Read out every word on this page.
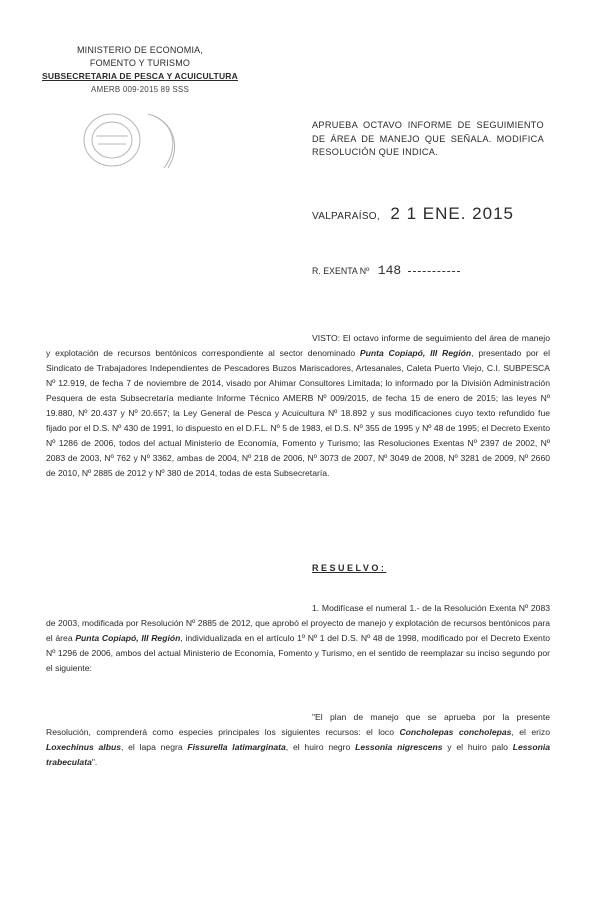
MINISTERIO DE ECONOMIA,
FOMENTO Y TURISMO
SUBSECRETARIA DE PESCA Y ACUICULTURA
AMERB 009-2015 89 SSS
APRUEBA OCTAVO INFORME DE SEGUIMIENTO DE ÁREA DE MANEJO QUE SEÑALA. MODIFICA RESOLUCIÓN QUE INDICA.
VALPARAÍSO, 2 1 ENE. 2015
R. EXENTA Nº 148
VISTO: El octavo informe de seguimiento del área de manejo y explotación de recursos bentónicos correspondiente al sector denominado Punta Copiapó, III Región, presentado por el Sindicato de Trabajadores Independientes de Pescadores Buzos Mariscadores, Artesanales, Caleta Puerto Viejo, C.I. SUBPESCA Nº 12.919, de fecha 7 de noviembre de 2014, visado por Ahimar Consultores Limitada; lo informado por la División Administración Pesquera de esta Subsecretaría mediante Informe Técnico AMERB Nº 009/2015, de fecha 15 de enero de 2015; las leyes Nº 19.880, Nº 20.437 y Nº 20.657; la Ley General de Pesca y Acuicultura Nº 18.892 y sus modificaciones cuyo texto refundido fue fijado por el D.S. Nº 430 de 1991, lo dispuesto en el D.F.L. Nº 5 de 1983, el D.S. Nº 355 de 1995 y Nº 48 de 1995; el Decreto Exento Nº 1286 de 2006, todos del actual Ministerio de Economía, Fomento y Turismo; las Resoluciones Exentas Nº 2397 de 2002, Nº 2083 de 2003, Nº 762 y Nº 3362, ambas de 2004, Nº 218 de 2006, Nº 3073 de 2007, Nº 3049 de 2008, Nº 3281 de 2009, Nº 2660 de 2010, Nº 2885 de 2012 y Nº 380 de 2014, todas de esta Subsecretaría.
RESUELVO:
1. Modifícase el numeral 1.- de la Resolución Exenta Nº 2083 de 2003, modificada por Resolución Nº 2885 de 2012, que aprobó el proyecto de manejo y explotación de recursos bentónicos para el área Punta Copiapó, III Región, individualizada en el artículo 1º Nº 1 del D.S. Nº 48 de 1998, modificado por el Decreto Exento Nº 1296 de 2006, ambos del actual Ministerio de Economía, Fomento y Turismo, en el sentido de reemplazar su inciso segundo por el siguiente:
"El plan de manejo que se aprueba por la presente Resolución, comprenderá como especies principales los siguientes recursos: el loco Concholepas concholepas, el erizo Loxechinus albus, el lapa negra Fissurella latimarginata, el huiro negro Lessonia nigrescens y el huiro palo Lessonia trabeculata".
